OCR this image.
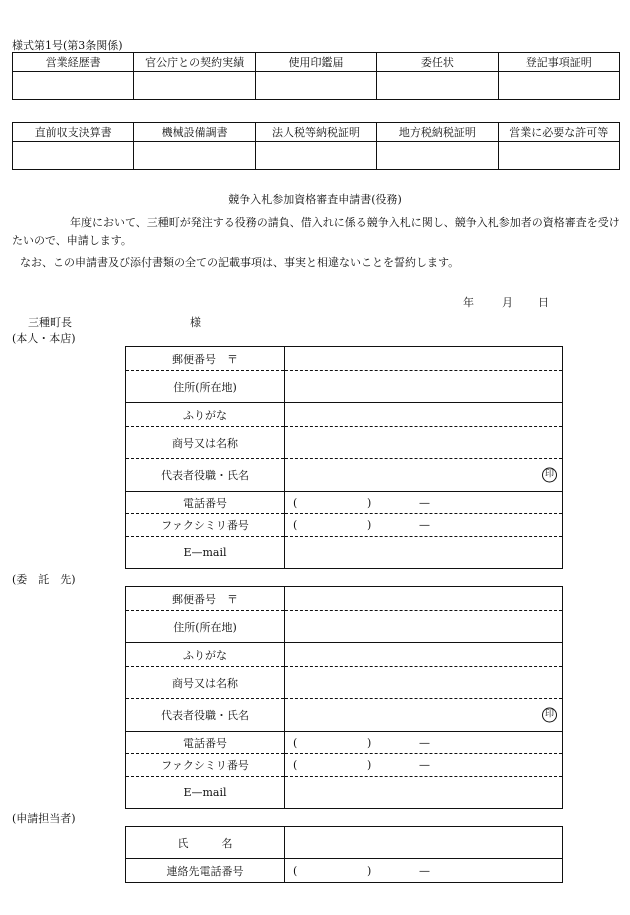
様式第1号(第3条関係)
営業経歴書	官公庁との契約実績	使用印鑑届	委任状	登記事項証明

直前収支決算書	機械設備調書	法人税等納税証明	地方税納税証明	営業に必要な許可等

競争入札参加資格審査申請書(役務)
年度において、三種町が発注する役務の請負、借入れに係る競争入札に関し、競争入札参加者の資格審査を受けたいので、申請します。
なお、この申請書及び添付書類の全ての記載事項は、事実と相違ないことを誓約します。
年	月 日
三種町長	様
(本人・本店)
郵便番号　〒	
住所(所在地)	
ふりがな	
商号又は名称	
代表者役職・氏名	印

電話番号	( ) —

ファクシミリ番号	( ) —

E—mail	
(委　託　先)
郵便番号　〒	
住所(所在地)	
ふりがな	
商号又は名称	
代表者役職・氏名	印

電話番号	( ) —

ファクシミリ番号	( ) —

E—mail	
(申請担当者)
氏　　　名	
連絡先電話番号	( ) —
